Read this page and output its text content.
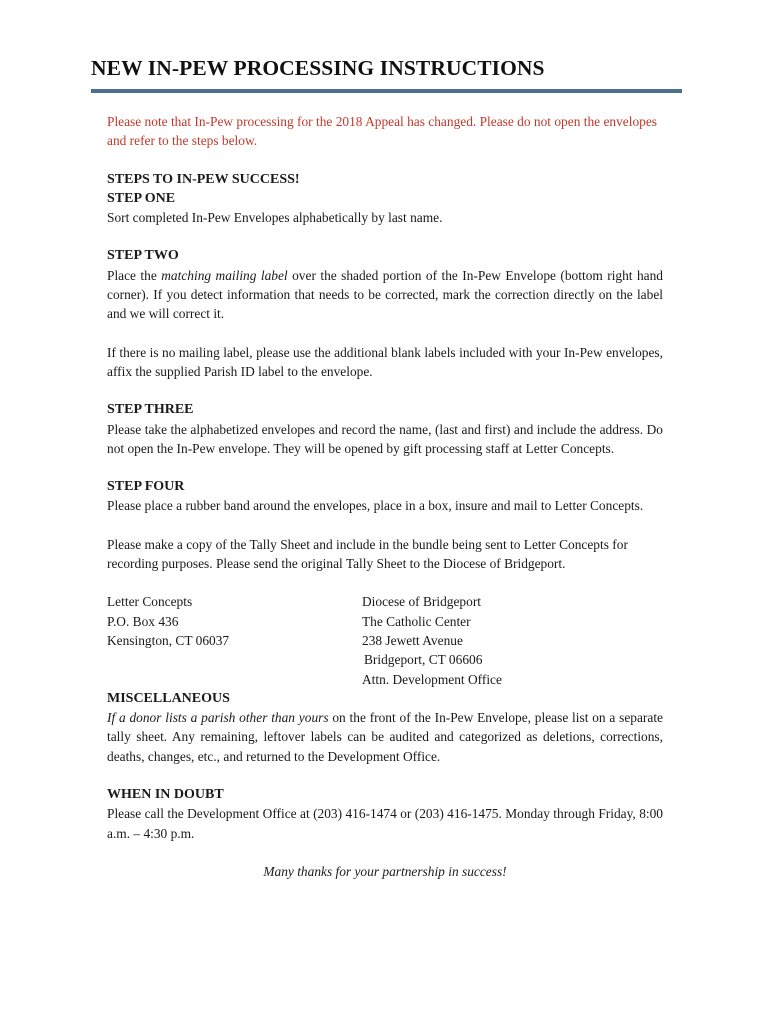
NEW IN-PEW PROCESSING INSTRUCTIONS

Please note that In-Pew processing for the 2018 Appeal has changed. Please do not open the envelopes and refer to the steps below.

STEPS TO IN-PEW SUCCESS!

STEP ONE

Sort completed In-Pew Envelopes alphabetically by last name.

STEP TWO

Place the matching mailing label over the shaded portion of the In-Pew Envelope (bottom right hand corner). If you detect information that needs to be corrected, mark the correction directly on the label and we will correct it.

If there is no mailing label, please use the additional blank labels included with your In-Pew envelopes, affix the supplied Parish ID label to the envelope.

STEP THREE

Please take the alphabetized envelopes and record the name, (last and first) and include the address. Do not open the In-Pew envelope. They will be opened by gift processing staff at Letter Concepts.

STEP FOUR

Please place a rubber band around the envelopes, place in a box, insure and mail to Letter Concepts.

Please make a copy of the Tally Sheet and include in the bundle being sent to Letter Concepts for recording purposes. Please send the original Tally Sheet to the Diocese of Bridgeport.

Letter Concepts

P.O. Box 436

Kensington, CT 06037

Diocese of Bridgeport

The Catholic Center

238 Jewett Avenue

Bridgeport, CT 06606

Attn. Development Office

MISCELLANEOUS

If a donor lists a parish other than yours on the front of the In-Pew Envelope, please list on a separate tally sheet. Any remaining, leftover labels can be audited and categorized as deletions, corrections, deaths, changes, etc., and returned to the Development Office.

WHEN IN DOUBT

Please call the Development Office at (203) 416-1474 or (203) 416-1475. Monday through Friday, 8:00 a.m. – 4:30 p.m.

Many thanks for your partnership in success!
